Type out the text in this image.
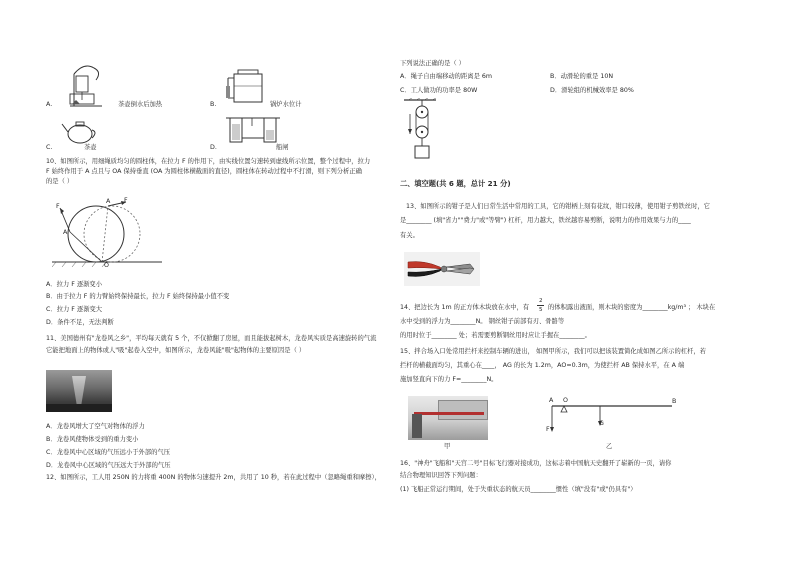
A.	茶壶倒水后加热	B.	锅炉水位计
C.	茶壶	D.	船闸
10、如图所示，用细绳质均匀的圆柱体，在拉力 F 的作用下，由实线位置匀速转到虚线所示位置，整个过程中，拉力
F 始终作用于 A 点且与 OA 保持垂直 (OA 为圆柱体横截面的直径)，圆柱体在转动过程中不打滑，则下列分析正确
的是（ ）
F
A
A F
O
A．拉力 F 逐渐变小
B．由于拉力 F 的力臂始终保持最长，拉力 F 始终保持最小值不变
C．拉力 F 逐渐变大
D．条件不足，无法判断
11、美国德州有"龙卷风之乡"，平均每天就有 5 个，不仅掀翻了房屋，而且能拔起树木，龙卷风实质是高速旋转的气流
它能把地面上的物体或人"吸"起卷入空中，如图所示，龙卷风能"吸"起物体的主要原因是（ ）
A．龙卷风增大了空气对物体的浮力
B．龙卷风使物体受到的重力变小
C．龙卷风中心区域的气压远小于外部的气压
D．龙卷风中心区域的气压远大于外部的气压
12、如图所示，工人用 250N 的力将重 400N 的物体匀速提升 2m，共用了 10 秒，若在此过程中（忽略绳重和摩擦），
下列说法正确的是（ ）
A．绳子自由端移动的距离是 6m	B．动滑轮的重是 10N
C．工人做功的功率是 80W	D．滑轮组的机械效率是 80%
二、填空题(共 6 题，总计 21 分)
13、如图所示的钳子是人们日常生活中常用的工具，它的钳柄上刻有花纹，钳口较薄，使用钳子剪铁丝时，它
是________ (填"省力""费力"或"等臂") 杠杆，用力越大，铁丝越容易剪断，说明力的作用效果与力的____
有关。
14、把边长为 1m 的正方体木块放在水中，有
2
5 的体积露出液面，则木块的密度为________kg/m³ ； 木块在
水中受到的浮力为________N。 钢丝钳子前部有刃、骨骼等
的用时位于________ 处；若需要剪断钢丝用时应让手握在________。
15、拌合场入口处常用拦杆来控制车辆的进出， 如图甲所示，我们可以把该装置简化成如图乙所示的杠杆，若
拦杆的横截面均匀，其重心在____， AG 的长为 1.2m，AO=0.3m，为使拦杆 AB 保持水平，在 A 端
施加竖直向下的力 F=________N。
甲
A O	B
F
G
乙
16、"神舟"飞船和"天宫二号"目标飞行器对接成功，这标志着中国航天史翻开了崭新的一页，请你
结合物理知识回答下列问题：
(1) 飞船正常运行期间，处于失重状态的航天员________惯性（填"没有"或"仍具有"）
